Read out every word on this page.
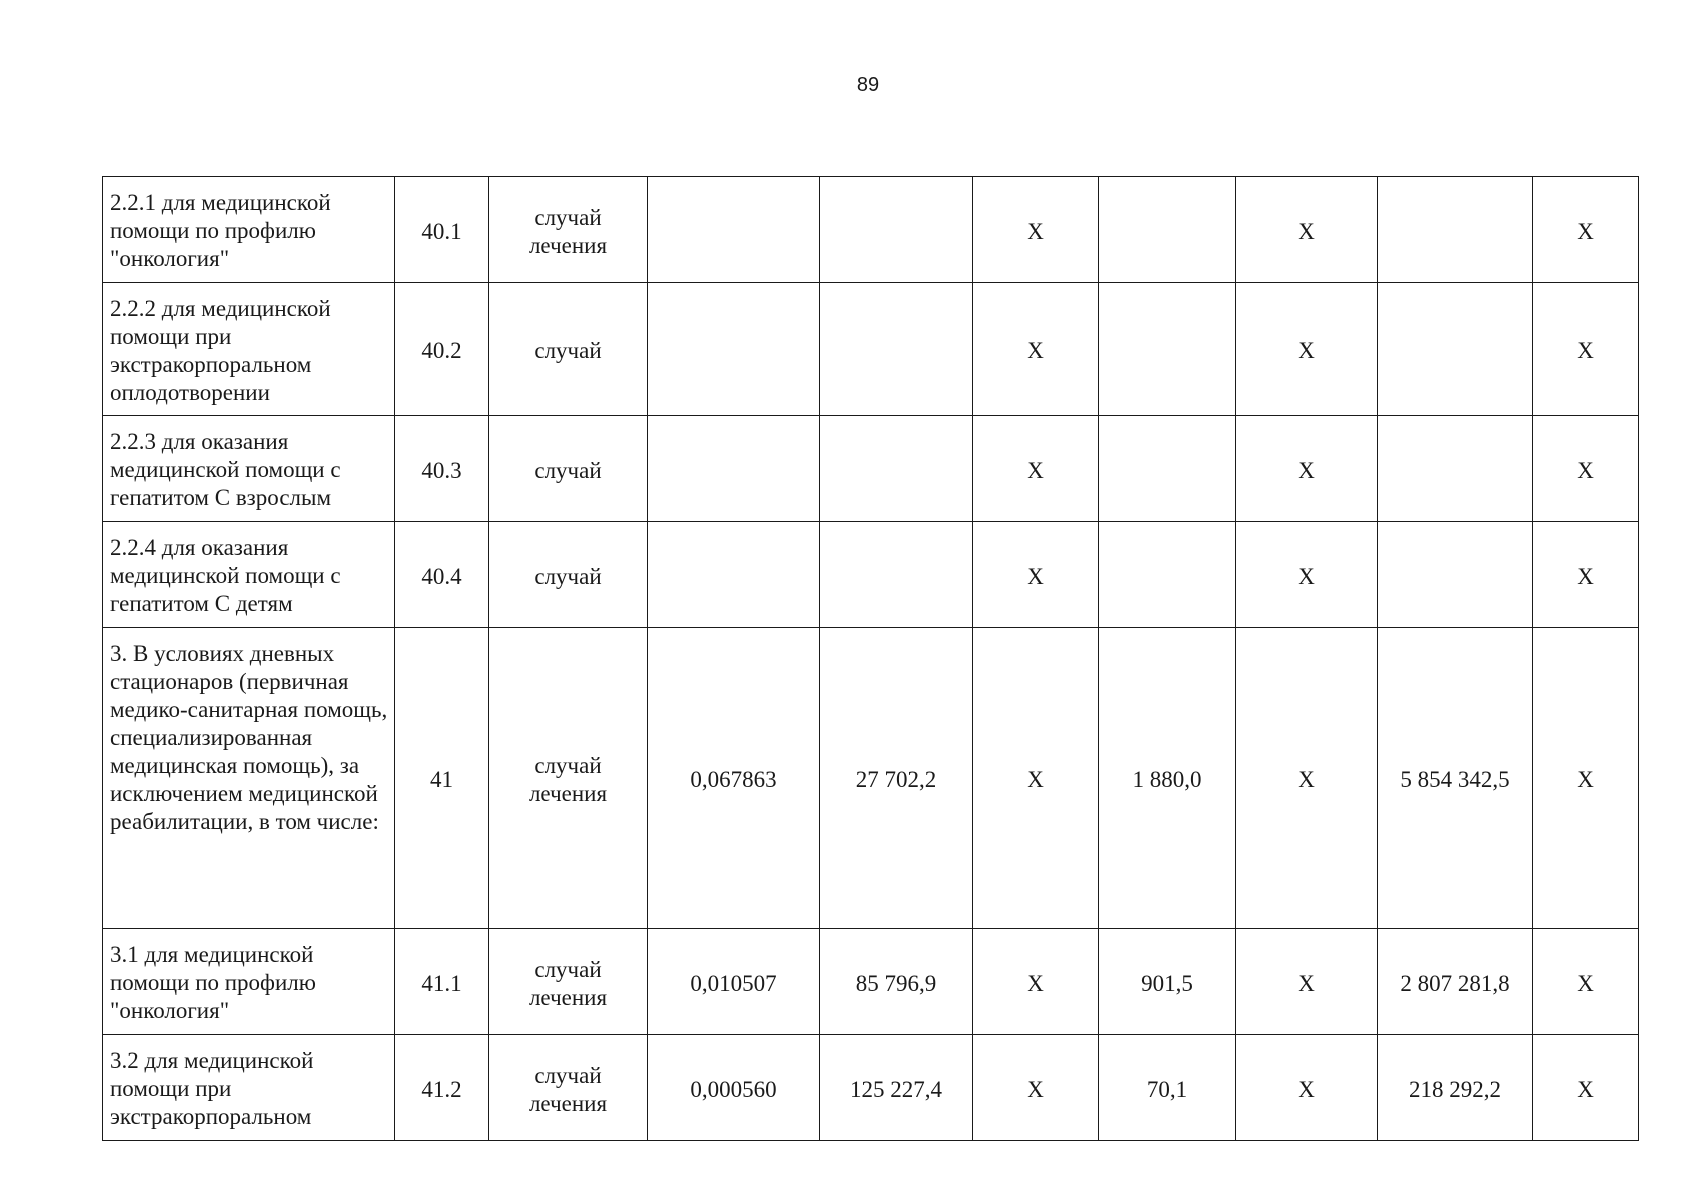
89
2.2.1 для медицинской помощи по профилю "онкология"	40.1	случай лечения			X		X		X
2.2.2 для медицинской помощи при экстракорпоральном оплодотворении	40.2	случай			X		X		X
2.2.3 для оказания медицинской помощи с гепатитом С взрослым	40.3	случай			X		X		X
2.2.4 для оказания медицинской помощи с гепатитом С детям	40.4	случай			X		X		X
3. В условиях дневных стационаров (первичная медико-санитарная помощь, специализированная медицинская помощь), за исключением медицинской реабилитации, в том числе:	41	случай лечения	0,067863	27 702,2	X	1 880,0	X	5 854 342,5	X
3.1 для медицинской помощи по профилю "онкология"	41.1	случай лечения	0,010507	85 796,9	X	901,5	X	2 807 281,8	X
3.2 для медицинской помощи при экстракорпоральном	41.2	случай лечения	0,000560	125 227,4	X	70,1	X	218 292,2	X
